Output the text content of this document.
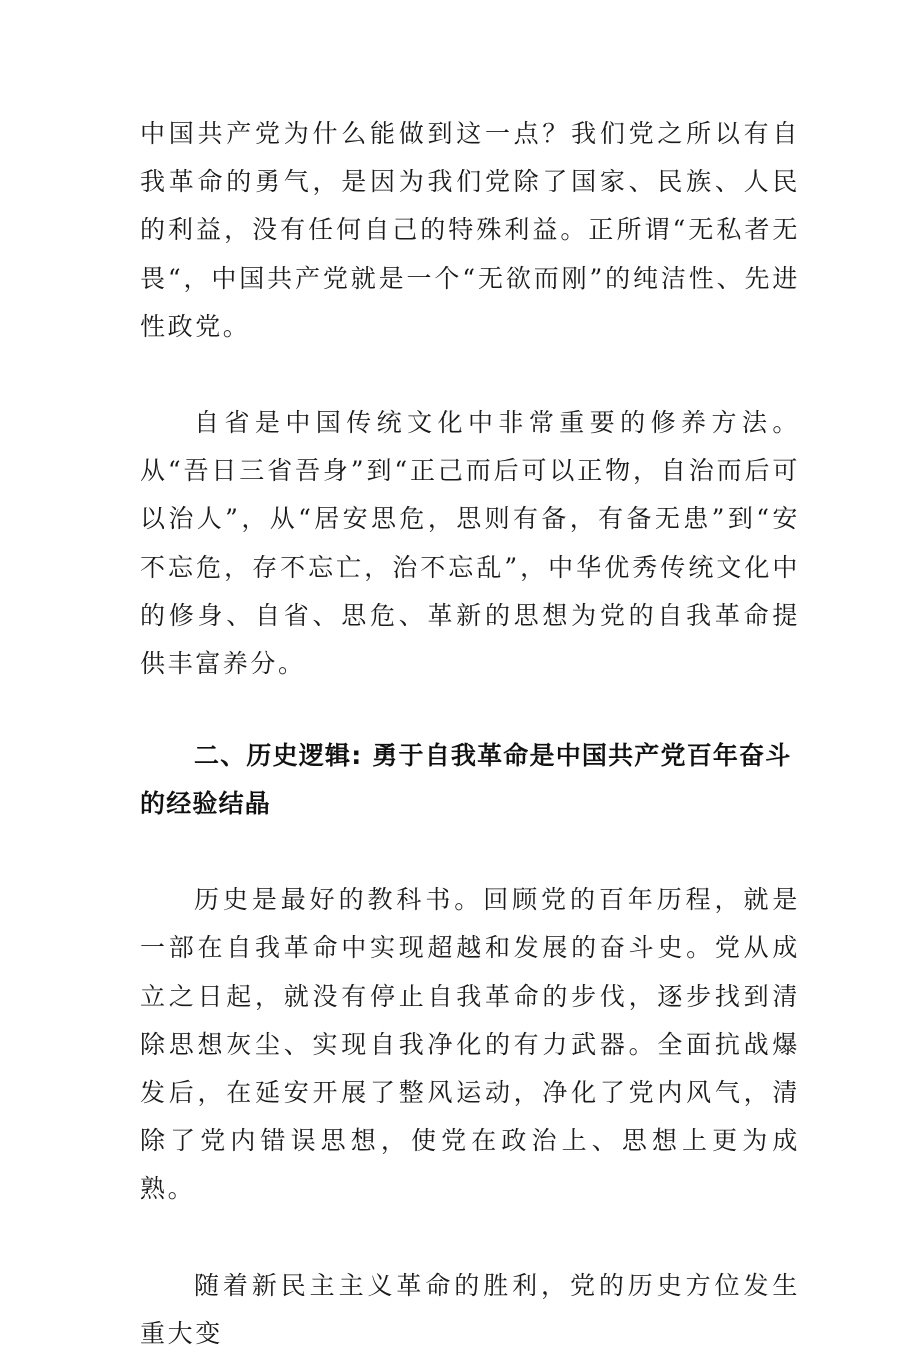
中国共产党为什么能做到这一点？我们党之所以有自我革命的勇气，是因为我们党除了国家、民族、人民的利益，没有任何自己的特殊利益。正所谓“无私者无畏“，中国共产党就是一个“无欲而刚”的纯洁性、先进性政党。

自省是中国传统文化中非常重要的修养方法。从“吾日三省吾身”到“正己而后可以正物，自治而后可以治人”，从“居安思危，思则有备，有备无患”到“安不忘危，存不忘亡，治不忘乱”，中华优秀传统文化中的修身、自省、思危、革新的思想为党的自我革命提供丰富养分。

二、历史逻辑: 勇于自我革命是中国共产党百年奋斗的经验结晶

历史是最好的教科书。回顾党的百年历程，就是一部在自我革命中实现超越和发展的奋斗史。党从成立之日起，就没有停止自我革命的步伐，逐步找到清除思想灰尘、实现自我净化的有力武器。全面抗战爆发后，在延安开展了整风运动，净化了党内风气，清除了党内错误思想，使党在政治上、思想上更为成熟。

随着新民主主义革命的胜利，党的历史方位发生重大变
